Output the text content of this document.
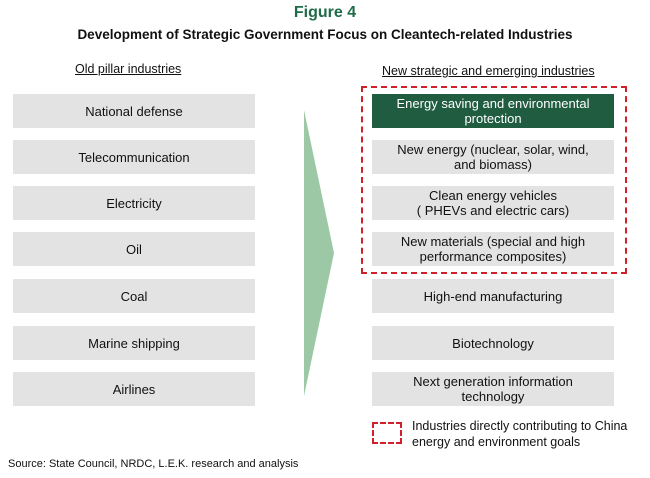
Figure 4
Development of Strategic Government Focus on Cleantech-related Industries
Old pillar industries
National defense
Telecommunication
Electricity
Oil
Coal
Marine shipping
Airlines
New strategic and emerging industries
Energy saving and environmental
protection
New energy (nuclear, solar, wind,
and biomass)
Clean energy vehicles
( PHEVs and electric cars)
New materials (special and high
performance composites)
High-end manufacturing
Biotechnology
Next generation information
technology
Industries directly contributing to China
energy and environment goals
Source: State Council, NRDC, L.E.K. research and analysis
